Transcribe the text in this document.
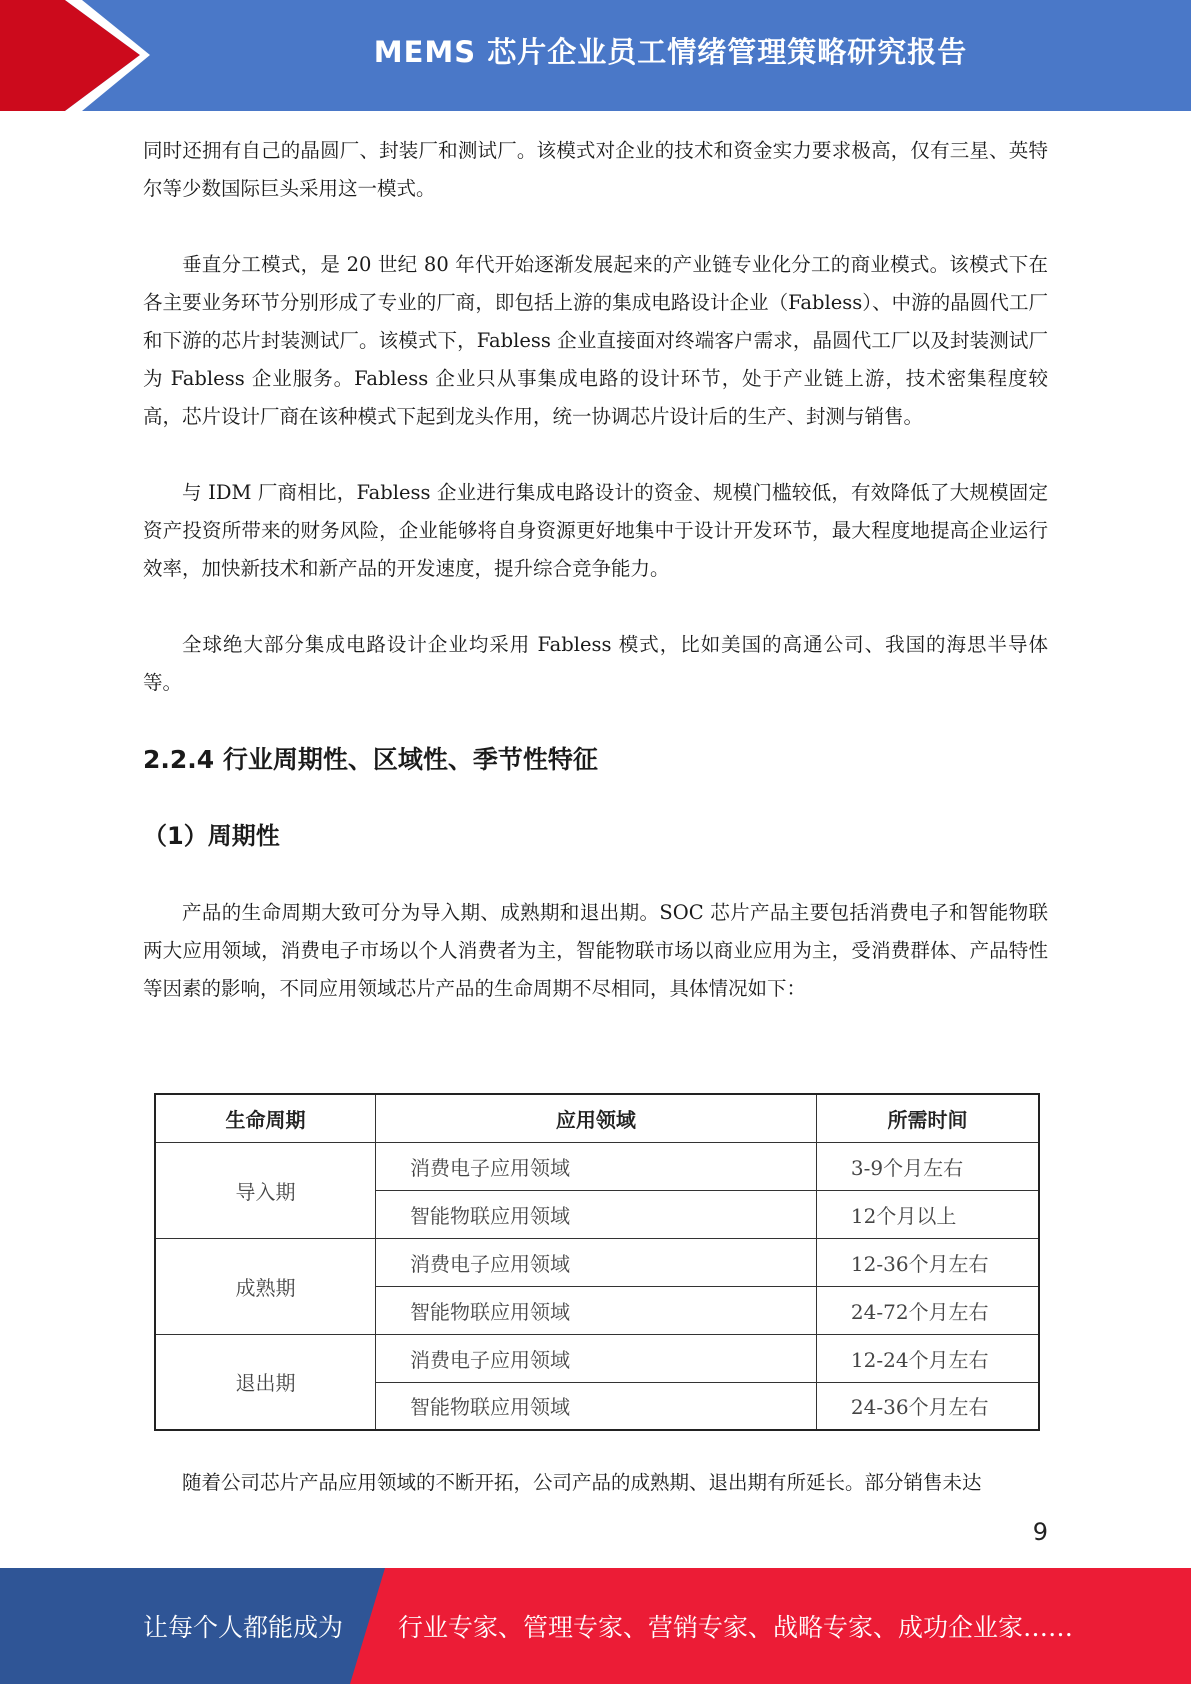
MEMS 芯片企业员工情绪管理策略研究报告

同时还拥有自己的晶圆厂、封装厂和测试厂。该模式对企业的技术和资金实力要求极高，仅有三星、英特尔等少数国际巨头采用这一模式。

垂直分工模式，是 20 世纪 80 年代开始逐渐发展起来的产业链专业化分工的商业模式。该模式下在各主要业务环节分别形成了专业的厂商，即包括上游的集成电路设计企业（Fabless）、中游的晶圆代工厂和下游的芯片封装测试厂。该模式下，Fabless 企业直接面对终端客户需求，晶圆代工厂以及封装测试厂为 Fabless 企业服务。Fabless 企业只从事集成电路的设计环节，处于产业链上游，技术密集程度较高，芯片设计厂商在该种模式下起到龙头作用，统一协调芯片设计后的生产、封测与销售。

与 IDM 厂商相比，Fabless 企业进行集成电路设计的资金、规模门槛较低，有效降低了大规模固定资产投资所带来的财务风险，企业能够将自身资源更好地集中于设计开发环节，最大程度地提高企业运行效率，加快新技术和新产品的开发速度，提升综合竞争能力。

全球绝大部分集成电路设计企业均采用 Fabless 模式，比如美国的高通公司、我国的海思半导体等。

2.2.4 行业周期性、区域性、季节性特征
（1）周期性

产品的生命周期大致可分为导入期、成熟期和退出期。SOC 芯片产品主要包括消费电子和智能物联两大应用领域，消费电子市场以个人消费者为主，智能物联市场以商业应用为主，受消费群体、产品特性等因素的影响，不同应用领域芯片产品的生命周期不尽相同，具体情况如下：

生命周期	应用领域	所需时间
导入期	消费电子应用领域	3-9个月左右
	智能物联应用领域	12个月以上
成熟期	消费电子应用领域	12-36个月左右
	智能物联应用领域	24-72个月左右
退出期	消费电子应用领域	12-24个月左右
	智能物联应用领域	24-36个月左右

随着公司芯片产品应用领域的不断开拓，公司产品的成熟期、退出期有所延长。部分销售未达

9
让每个人都能成为 行业专家、管理专家、营销专家、战略专家、成功企业家……
